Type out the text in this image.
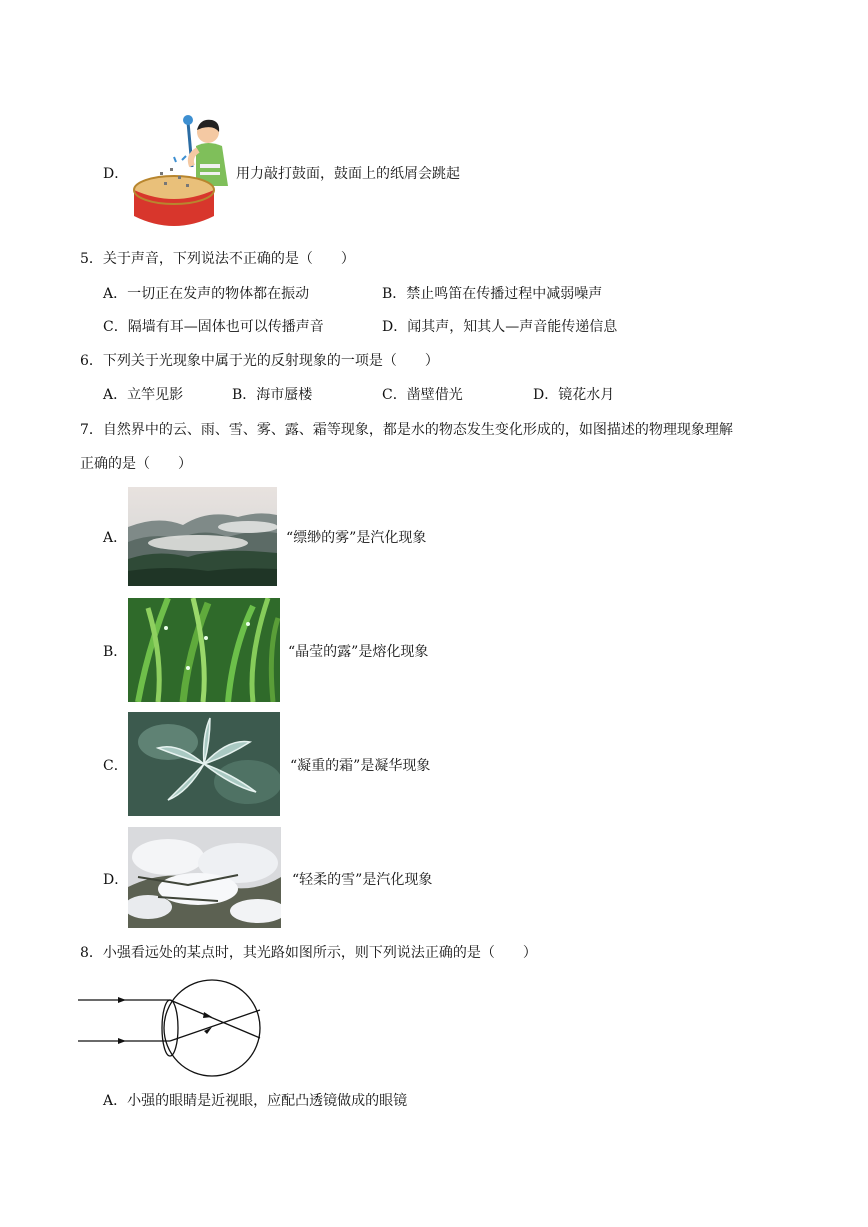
D．	用力敲打鼓面，鼓面上的纸屑会跳起
5．关于声音，下列说法不正确的是（　　）
A．一切正在发声的物体都在振动	B．禁止鸣笛在传播过程中减弱噪声
C．隔墙有耳—固体也可以传播声音	D．闻其声，知其人—声音能传递信息
6．下列关于光现象中属于光的反射现象的一项是（　　）
A．立竿见影	B．海市蜃楼	C．凿壁借光	D．镜花水月
7．自然界中的云、雨、雪、雾、露、霜等现象，都是水的物态发生变化形成的，如图描述的物理现象理解
正确的是（　　）
A．	“缥缈的雾”是汽化现象
B．	“晶莹的露”是熔化现象
C．	“凝重的霜”是凝华现象
D．	“轻柔的雪”是汽化现象
8．小强看远处的某点时，其光路如图所示，则下列说法正确的是（　　）
A．小强的眼睛是近视眼，应配凸透镜做成的眼镜
